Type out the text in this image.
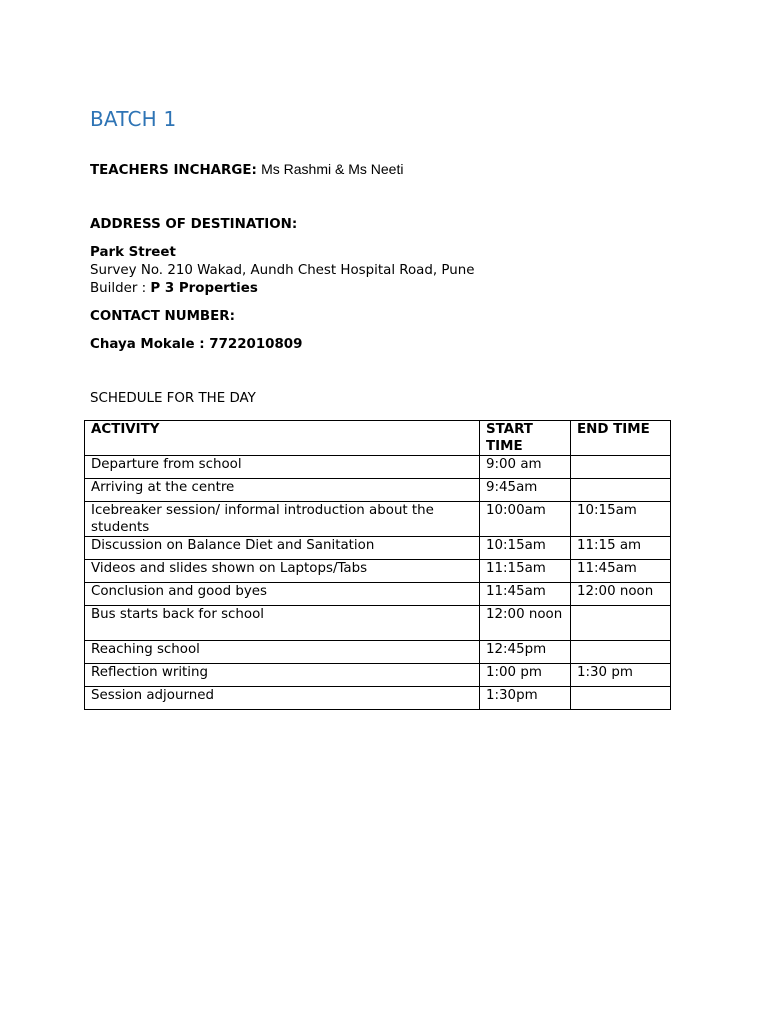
BATCH 1
TEACHERS INCHARGE: Ms Rashmi & Ms Neeti
ADDRESS OF DESTINATION:
Park Street
Survey No. 210 Wakad, Aundh Chest Hospital Road, Pune
Builder : P 3 Properties
CONTACT NUMBER:
Chaya Mokale : 7722010809
SCHEDULE FOR THE DAY
ACTIVITY	START TIME	END TIME
Departure from school	9:00 am	
Arriving at the centre	9:45am	
Icebreaker session/ informal introduction about the students	10:00am	10:15am
Discussion on Balance Diet and Sanitation	10:15am	11:15 am
Videos and slides shown on Laptops/Tabs	11:15am	11:45am
Conclusion and good byes	11:45am	12:00 noon
Bus starts back for school	12:00 noon	
Reaching school	12:45pm	
Reflection writing	1:00 pm	1:30 pm
Session adjourned	1:30pm	
